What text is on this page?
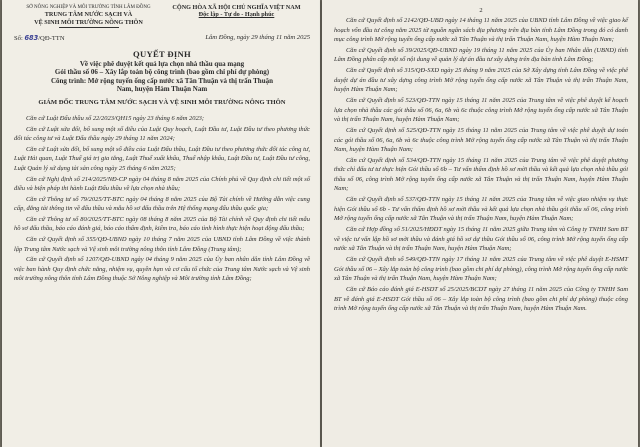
SỞ NÔNG NGHIỆP VÀ MÔI TRƯỜNG TỈNH LÂM ĐỒNG
TRUNG TÂM NƯỚC SẠCH VÀ
VỆ SINH MÔI TRƯỜNG NÔNG THÔN
CỘNG HÒA XÃ HỘI CHỦ NGHĨA VIỆT NAM
Độc lập - Tự do - Hạnh phúc
Số: 683/QĐ-TTN	Lâm Đồng, ngày 29 tháng 11 năm 2025
QUYẾT ĐỊNH
Về việc phê duyệt kết quả lựa chọn nhà thầu qua mạng
Gói thầu số 06 – Xây lắp toàn bộ công trình (bao gồm chi phí dự phòng)
Công trình: Mở rộng tuyến ống cấp nước xã Tân Thuận và thị trấn Thuận
Nam, huyện Hàm Thuận Nam
GIÁM ĐỐC TRUNG TÂM NƯỚC SẠCH VÀ VỆ SINH MÔI TRƯỜNG NÔNG THÔN

Căn cứ Luật Đấu thầu số 22/2023/QH15 ngày 23 tháng 6 năm 2023;

Căn cứ Luật sửa đổi, bổ sung một số điều của Luật Quy hoạch, Luật Đầu tư, Luật Đầu tư theo phương thức đối tác công tư và Luật Đấu thầu ngày 29 tháng 11 năm 2024;

Căn cứ Luật sửa đổi, bổ sung một số điều của Luật Đấu thầu, Luật Đầu tư theo phương thức đối tác công tư, Luật Hải quan, Luật Thuế giá trị gia tăng, Luật Thuế xuất khẩu, Thuế nhập khẩu, Luật Đầu tư, Luật Đầu tư công, Luật Quản lý sử dụng tài sản công ngày 25 tháng 6 năm 2025;

Căn cứ Nghị định số 214/2025/NĐ-CP ngày 04 tháng 8 năm 2025 của Chính phủ về Quy định chi tiết một số điều và biện pháp thi hành Luật Đấu thầu về lựa chọn nhà thầu;

Căn cứ Thông tư số 79/2025/TT-BTC ngày 04 tháng 8 năm 2025 của Bộ Tài chính về Hướng dẫn việc cung cấp, đăng tải thông tin về đấu thầu và mẫu hồ sơ đấu thầu trên Hệ thống mạng đấu thầu quốc gia;

Căn cứ Thông tư số 80/2025/TT-BTC ngày 08 tháng 8 năm 2025 của Bộ Tài chính về Quy định chi tiết mẫu hồ sơ đấu thầu, báo cáo đánh giá, báo cáo thẩm định, kiểm tra, báo cáo tình hình thực hiện hoạt động đấu thầu;

Căn cứ Quyết định số 355/QĐ-UBND ngày 10 tháng 7 năm 2025 của UBND tỉnh Lâm Đồng về việc thành lập Trung tâm Nước sạch và Vệ sinh môi trường nông thôn tỉnh Lâm Đồng (Trung tâm);

Căn cứ Quyết định số 1207/QĐ-UBND ngày 04 tháng 9 năm 2025 của Ủy ban nhân dân tỉnh Lâm Đồng về việc ban hành Quy định chức năng, nhiệm vụ, quyền hạn và cơ cấu tổ chức của Trung tâm Nước sạch và Vệ sinh môi trường nông thôn tỉnh Lâm Đồng thuộc Sở Nông nghiệp và Môi trường tỉnh Lâm Đồng;

2

Căn cứ Quyết định số 2142/QĐ-UBD ngày 14 tháng 11 năm 2025 của UBND tỉnh Lâm Đồng về việc giao kế hoạch vốn đầu tư công năm 2025 từ nguồn ngân sách địa phương trên địa bàn tỉnh Lâm Đồng trong đó có danh mục công trình Mở rộng tuyến ống cấp nước xã Tân Thuận và thị trấn Thuận Nam, huyện Hàm Thuận Nam;

Căn cứ Quyết định số 39/2025/QĐ-UBND ngày 19 tháng 11 năm 2025 của Ủy ban Nhân dân (UBND) tỉnh Lâm Đồng phân cấp một số nội dung về quản lý dự án đầu tư xây dựng trên địa bàn tỉnh Lâm Đồng;

Căn cứ Quyết định số 315/QĐ-SXD ngày 25 tháng 9 năm 2025 của Sở Xây dựng tỉnh Lâm Đồng về việc phê duyệt dự án đầu tư xây dựng công trình Mở rộng tuyến ống cấp nước xã Tân Thuận và thị trấn Thuận Nam, huyện Hàm Thuận Nam;

Căn cứ Quyết định số 523/QĐ-TTN ngày 15 tháng 11 năm 2025 của Trung tâm về việc phê duyệt kế hoạch lựa chọn nhà thầu các gói thầu số 06, 6a, 6b và 6c thuộc công trình Mở rộng tuyến ống cấp nước xã Tân Thuận và thị trấn Thuận Nam, huyện Hàm Thuận Nam;

Căn cứ Quyết định số 525/QĐ-TTN ngày 15 tháng 11 năm 2025 của Trung tâm về việc phê duyệt dự toán các gói thầu số 06, 6a, 6b và 6c thuộc công trình Mở rộng tuyến ống cấp nước xã Tân Thuận và thị trấn Thuận Nam, huyện Hàm Thuận Nam;

Căn cứ Quyết định số 534/QĐ-TTN ngày 15 tháng 11 năm 2025 của Trung tâm về việc phê duyệt phương thức chỉ đấu tư tư thực hiện Gói thầu số 6b – Tư vấn thẩm định hồ sơ mời thầu và kết quả lựa chọn nhà thầu gói thầu số 06, công trình Mở rộng tuyến ống cấp nước xã Tân Thuận và thị trấn Thuận Nam, huyện Hàm Thuận Nam;

Căn cứ Quyết định số 537/QĐ-TTN ngày 15 tháng 11 năm 2025 của Trung tâm về việc giao nhiệm vụ thực hiện Gói thầu số 6b - Tư vấn thẩm định hồ sơ mời thầu và kết quả lựa chọn nhà thầu gói thầu số 06, công trình Mở rộng tuyến ống cấp nước xã Tân Thuận và thị trấn Thuận Nam, huyện Hàm Thuận Nam;

Căn cứ Hợp đồng số 51/2025/HĐDT ngày 15 tháng 11 năm 2025 giữa Trung tâm và Công ty TNHH Sam BT về việc tư vấn lập hồ sơ mời thầu và đánh giá hồ sơ dự thầu Gói thầu số 06, công trình Mở rộng tuyến ống cấp nước xã Tân Thuận và thị trấn Thuận Nam, huyện Hàm Thuận Nam;

Căn cứ Quyết định số 549/QĐ-TTN ngày 17 tháng 11 năm 2025 của Trung tâm về việc phê duyệt E-HSMT Gói thầu số 06 – Xây lắp toàn bộ công trình (bao gồm chi phí dự phòng), công trình Mở rộng tuyến ống cấp nước xã Tân Thuận và thị trấn Thuận Nam, huyện Hàm Thuận Nam;

Căn cứ Báo cáo đánh giá E-HSDT số 25/2025/BCDT ngày 27 tháng 11 năm 2025 của Công ty TNHH Sam BT về đánh giá E-HSDT Gói thầu số 06 – Xây lắp toàn bộ công trình (bao gồm chi phí dự phòng) thuộc công trình Mở rộng tuyến ống cấp nước xã Tân Thuận và thị trấn Thuận Nam, huyện Hàm Thuận Nam.
